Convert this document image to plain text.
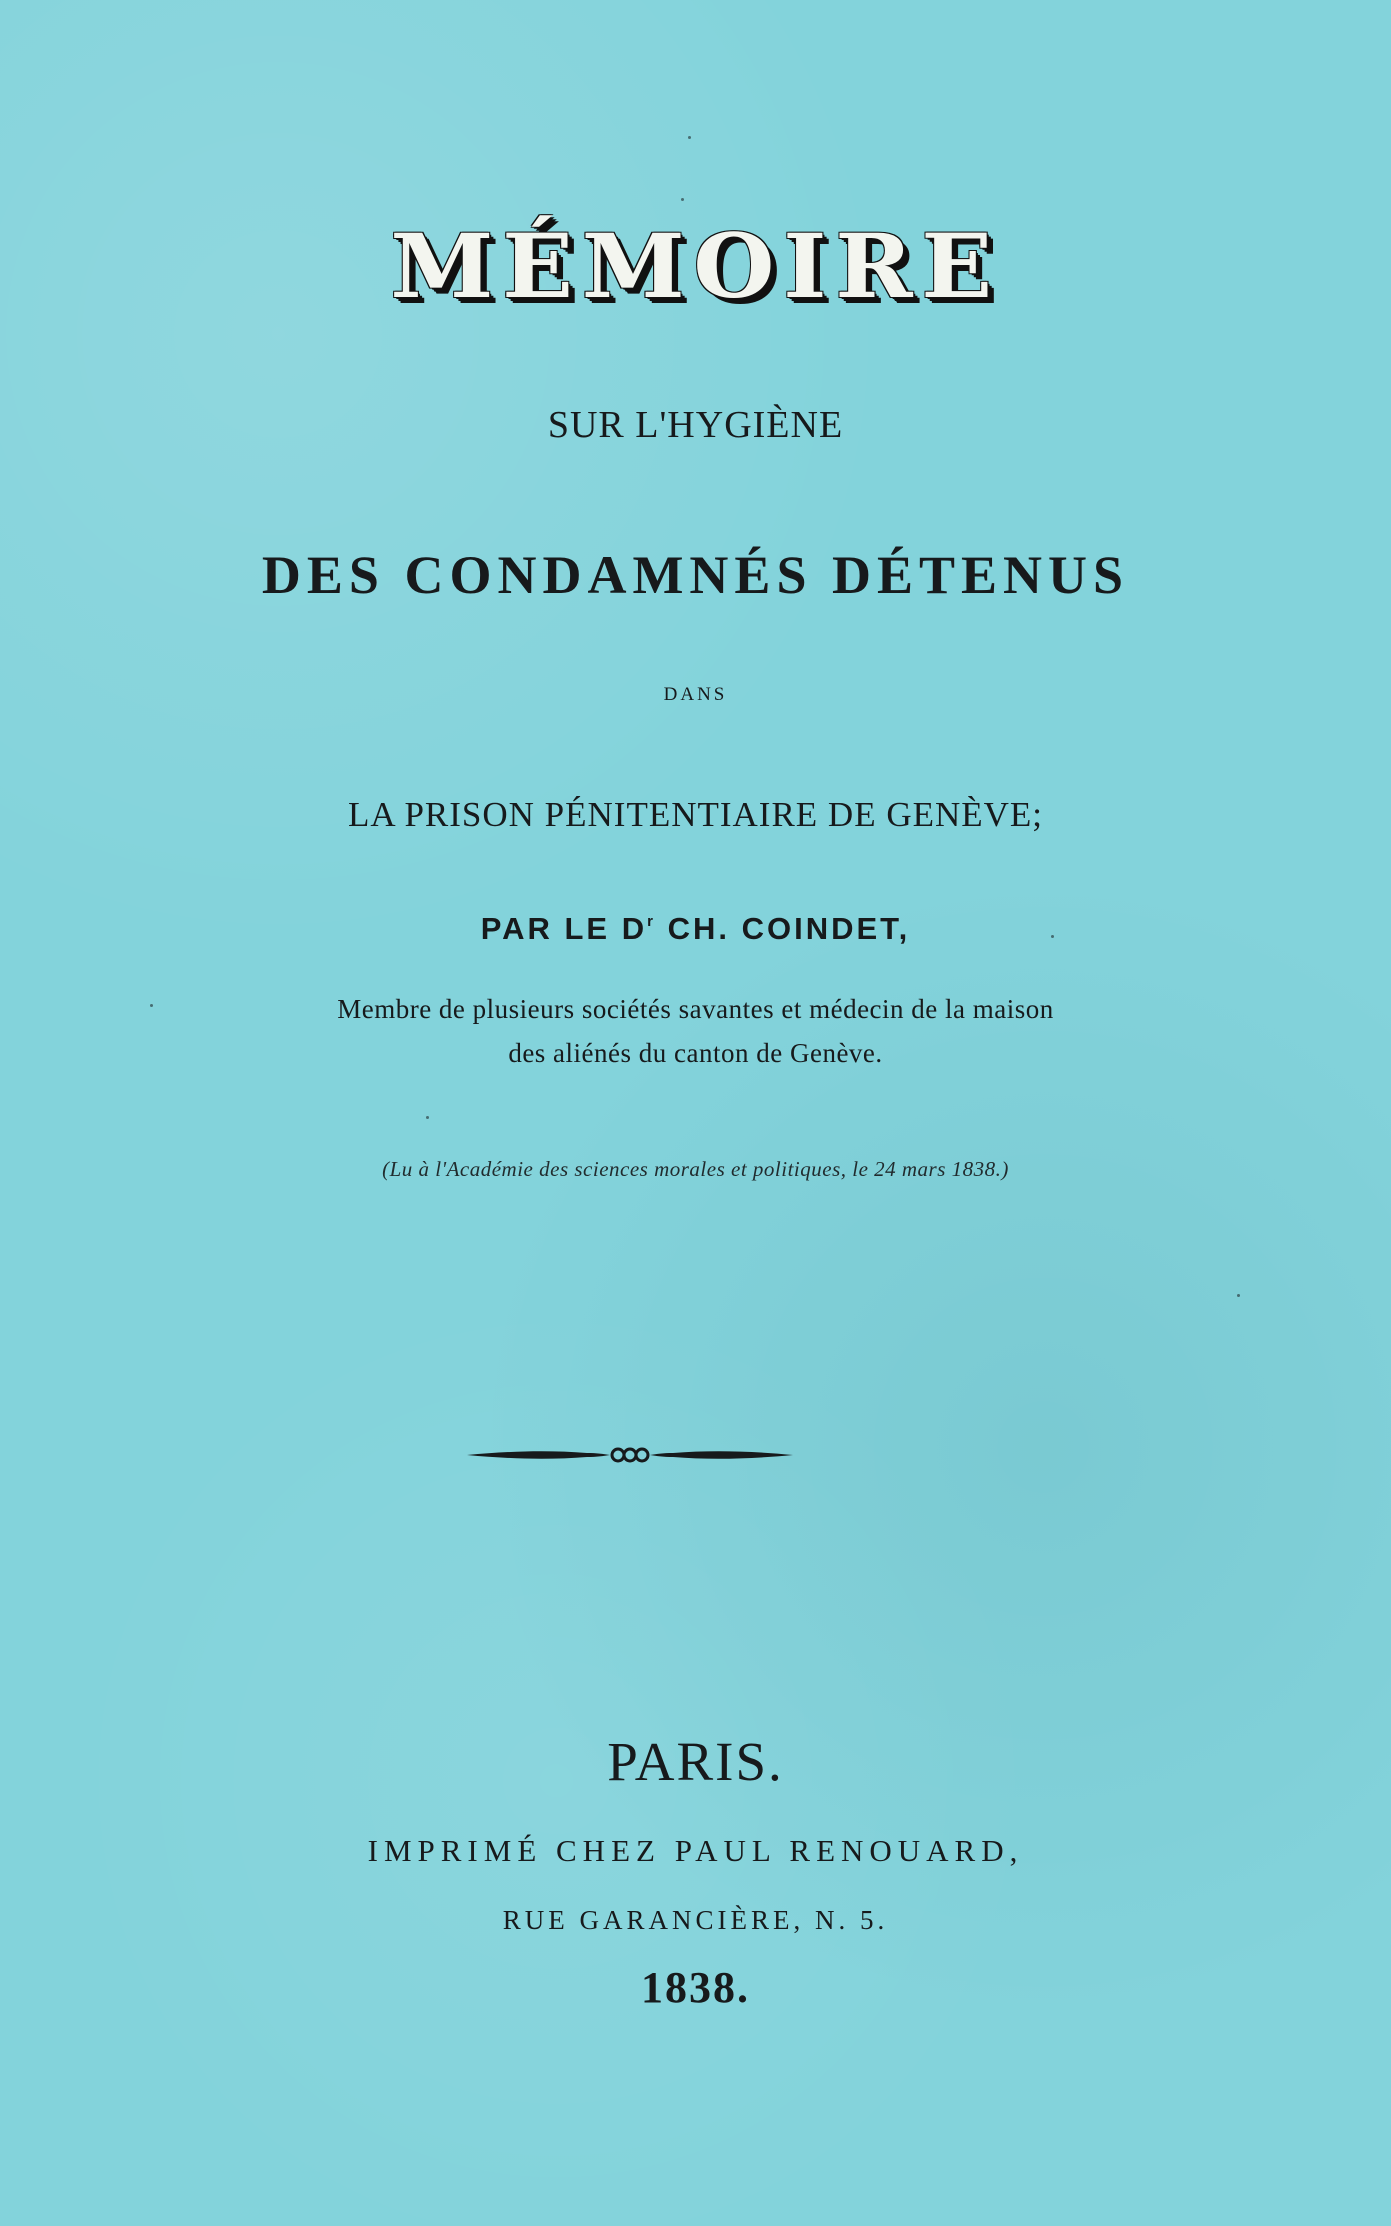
MÉMOIRE
SUR L'HYGIÈNE
DES CONDAMNÉS DÉTENUS
DANS
LA PRISON PÉNITENTIAIRE DE GENÈVE;
PAR LE $D^r$ CH. COINDET,
Membre de plusieurs sociétés savantes et médecin de la maison
des aliénés du canton de Genève.
(Lu à l'Académie des sciences morales et politiques, le 24 mars 1838.)
PARIS.
IMPRIMÉ CHEZ PAUL RENOUARD,
RUE GARANCIÈRE, N. 5.
1838.
